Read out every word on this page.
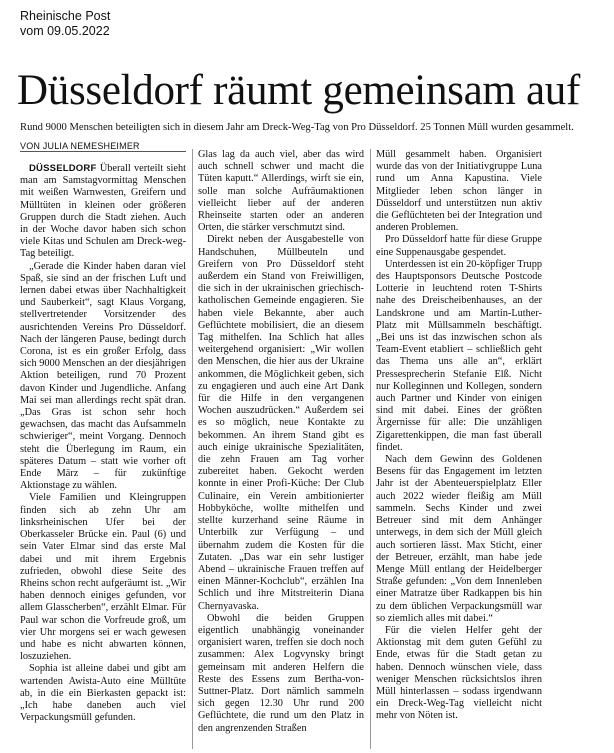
Rheinische Post
vom 09.05.2022
Düsseldorf räumt gemeinsam auf

Rund 9000 Menschen beteiligten sich in diesem Jahr am Dreck-Weg-Tag von Pro Düsseldorf. 25 Tonnen Müll wurden gesammelt.

VON JULIA NEMESHEIMER

DÜSSELDORF Überall verteilt sieht man am Samstagvormittag Menschen mit weißen Warnwesten, Greifern und Mülltüten in kleinen oder größeren Gruppen durch die Stadt ziehen. Auch in der Woche davor haben sich schon viele Kitas und Schulen am Dreck-weg-Tag beteiligt.

„Gerade die Kinder haben daran viel Spaß, sie sind an der frischen Luft und lernen dabei etwas über Nachhaltigkeit und Sauberkeit“, sagt Klaus Vorgang, stellvertretender Vorsitzender des ausrichtenden Vereins Pro Düsseldorf. Nach der längeren Pause, bedingt durch Corona, ist es ein großer Erfolg, dass sich 9000 Menschen an der diesjährigen Aktion beteiligen, rund 70 Prozent davon Kinder und Jugendliche. Anfang Mai sei man allerdings recht spät dran. „Das Gras ist schon sehr hoch gewachsen, das macht das Aufsammeln schwieriger“, meint Vorgang. Dennoch steht die Überlegung im Raum, ein späteres Datum – statt wie vorher oft Ende März – für zukünftige Aktionstage zu wählen.

Viele Familien und Kleingruppen finden sich ab zehn Uhr am linksrheinischen Ufer bei der Oberkasseler Brücke ein. Paul (6) und sein Vater Elmar sind das erste Mal dabei und mit ihrem Ergebnis zufrieden, obwohl diese Seite des Rheins schon recht aufgeräumt ist. „Wir haben dennoch einiges gefunden, vor allem Glasscherben“, erzählt Elmar. Für Paul war schon die Vorfreude groß, um vier Uhr morgens sei er wach gewesen und habe es nicht abwarten können, loszuziehen.

Sophia ist alleine dabei und gibt am wartenden Awista-Auto eine Mülltüte ab, in die ein Bierkasten gepackt ist: „Ich habe daneben auch viel Verpackungsmüll gefunden.

Glas lag da auch viel, aber das wird auch schnell schwer und macht die Tüten kaputt.“ Allerdings, wirft sie ein, solle man solche Aufräumaktionen vielleicht lieber auf der anderen Rheinseite starten oder an anderen Orten, die stärker verschmutzt sind.

Direkt neben der Ausgabestelle von Handschuhen, Müllbeuteln und Greifern von Pro Düsseldorf steht außerdem ein Stand von Freiwilligen, die sich in der ukrainischen griechisch-katholischen Gemeinde engagieren. Sie haben viele Bekannte, aber auch Geflüchtete mobilisiert, die an diesem Tag mithelfen. Ina Schlich hat alles weitergehend organisiert: „Wir wollen den Menschen, die hier aus der Ukraine ankommen, die Möglichkeit geben, sich zu engagieren und auch eine Art Dank für die Hilfe in den vergangenen Wochen auszudrücken.“ Außerdem sei es so möglich, neue Kontakte zu bekommen. An ihrem Stand gibt es auch einige ukrainische Spezialitäten, die zehn Frauen am Tag vorher zubereitet haben. Gekocht werden konnte in einer Profi-Küche: Der Club Culinaire, ein Verein ambitionierter Hobbyköche, wollte mithelfen und stellte kurzerhand seine Räume in Unterbilk zur Verfügung – und übernahm zudem die Kosten für die Zutaten. „Das war ein sehr lustiger Abend – ukrainische Frauen treffen auf einen Männer-Kochclub“, erzählen Ina Schlich und ihre Mitstreiterin Diana Chernyavaska.

Obwohl die beiden Gruppen eigentlich unabhängig voneinander organisiert waren, treffen sie doch noch zusammen: Alex Logvynsky bringt gemeinsam mit anderen Helfern die Reste des Essens zum Bertha-von-Suttner-Platz. Dort nämlich sammeln sich gegen 12.30 Uhr rund 200 Geflüchtete, die rund um den Platz in den angrenzenden Straßen

Müll gesammelt haben. Organisiert wurde das von der Initiativgruppe Luna rund um Anna Kapustina. Viele Mitglieder leben schon länger in Düsseldorf und unterstützen nun aktiv die Geflüchteten bei der Integration und anderen Problemen.

Pro Düsseldorf hatte für diese Gruppe eine Suppenausgabe gespendet.

Unterdessen ist ein 20-köpfiger Trupp des Hauptsponsors Deutsche Postcode Lotterie in leuchtend roten T-Shirts nahe des Dreischeibenhauses, an der Landskrone und am Martin-Luther-Platz mit Müllsammeln beschäftigt. „Bei uns ist das inzwischen schon als Team-Event etabliert – schließlich geht das Thema uns alle an“, erklärt Pressesprecherin Stefanie Elß. Nicht nur Kolleginnen und Kollegen, sondern auch Partner und Kinder von einigen sind mit dabei. Eines der größten Ärgernisse für alle: Die unzähligen Zigarettenkippen, die man fast überall findet.

Nach dem Gewinn des Goldenen Besens für das Engagement im letzten Jahr ist der Abenteuerspielplatz Eller auch 2022 wieder fleißig am Müll sammeln. Sechs Kinder und zwei Betreuer sind mit dem Anhänger unterwegs, in dem sich der Müll gleich auch sortieren lässt. Max Sticht, einer der Betreuer, erzählt, man habe jede Menge Müll entlang der Heidelberger Straße gefunden: „Von dem Innenleben einer Matratze über Radkappen bis hin zu dem üblichen Verpackungsmüll war so ziemlich alles mit dabei.“

Für die vielen Helfer geht der Aktionstag mit dem guten Gefühl zu Ende, etwas für die Stadt getan zu haben. Dennoch wünschen viele, dass weniger Menschen rücksichtslos ihren Müll hinterlassen – sodass irgendwann ein Dreck-Weg-Tag vielleicht nicht mehr von Nöten ist.
